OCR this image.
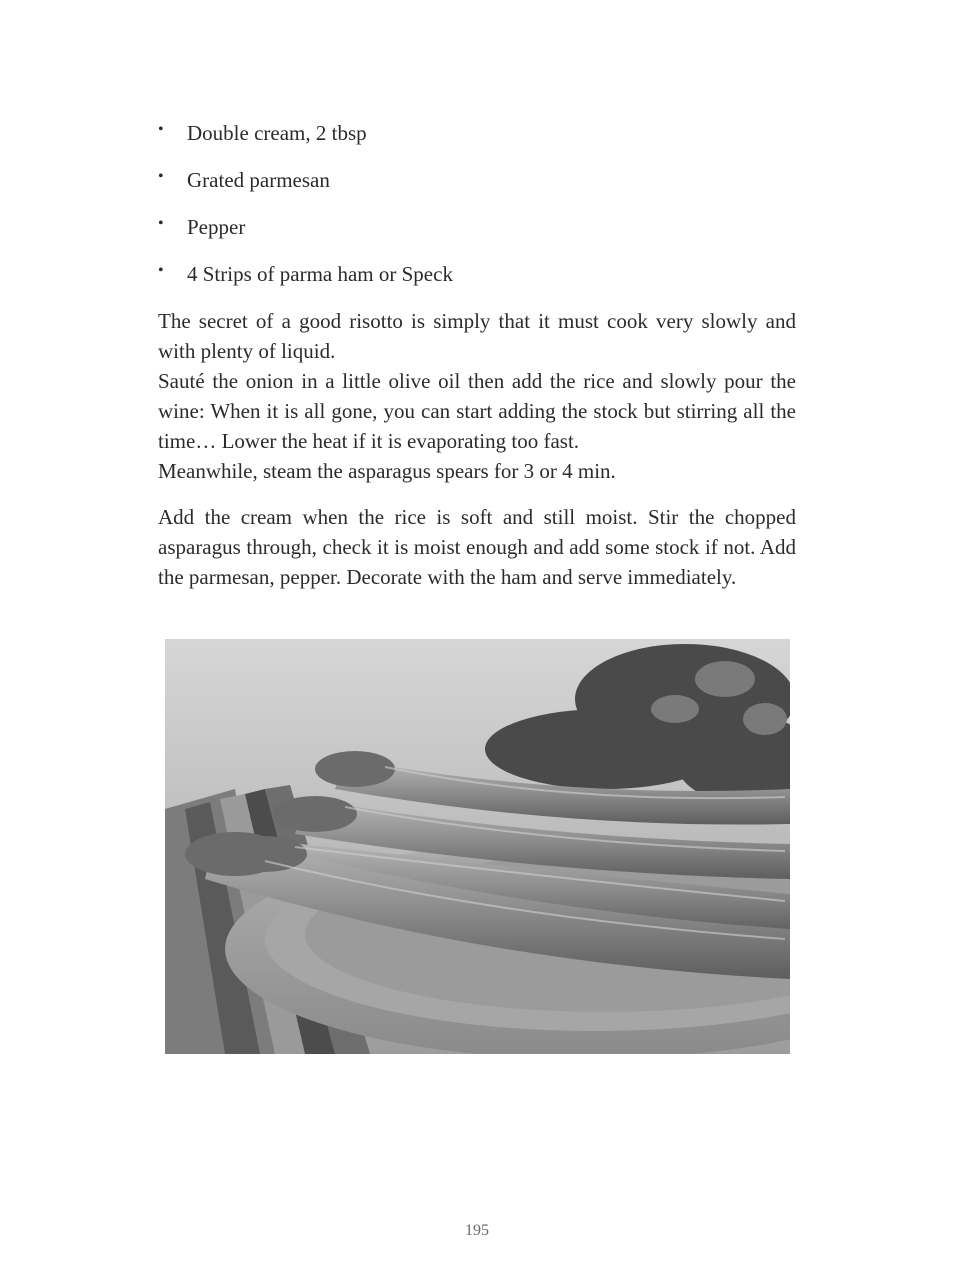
• Double cream, 2 tbsp
• Grated parmesan
• Pepper
• 4 Strips of parma ham or Speck

The secret of a good risotto is simply that it must cook very slowly and with plenty of liquid.

Sauté the onion in a little olive oil then add the rice and slowly pour the wine: When it is all gone, you can start adding the stock but stirring all the time… Lower the heat if it is evaporating too fast.

Meanwhile, steam the asparagus spears for 3 or 4 min.

Add the cream when the rice is soft and still moist. Stir the chopped asparagus through, check it is moist enough and add some stock if not. Add the parmesan, pepper. Decorate with the ham and serve immediately.

195
